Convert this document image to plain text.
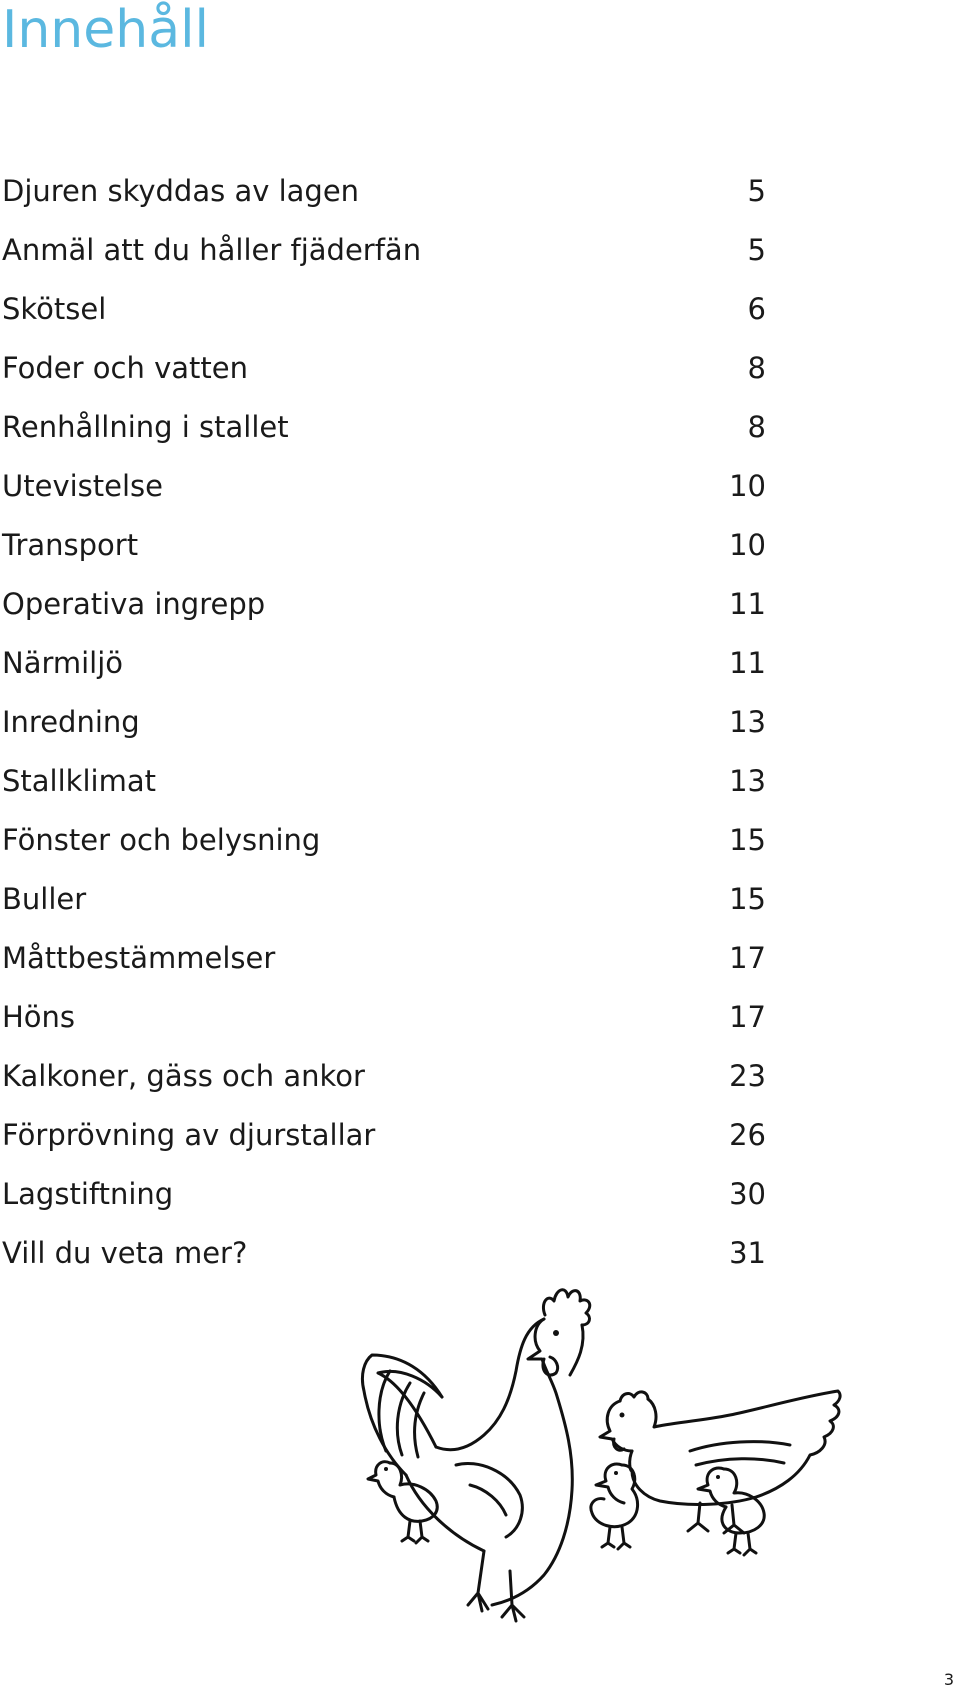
Innehåll
Djuren skyddas av lagen	5
Anmäl att du håller fjäderfän	5
Skötsel	6
Foder och vatten	8
Renhållning i stallet	8
Utevistelse	10
Transport	10
Operativa ingrepp	11
Närmiljö	11
Inredning	13
Stallklimat	13
Fönster och belysning	15
Buller	15
Måttbestämmelser	17
Höns	17
Kalkoner, gäss och ankor	23
Förprövning av djurstallar	26
Lagstiftning	30
Vill du veta mer?	31
3
